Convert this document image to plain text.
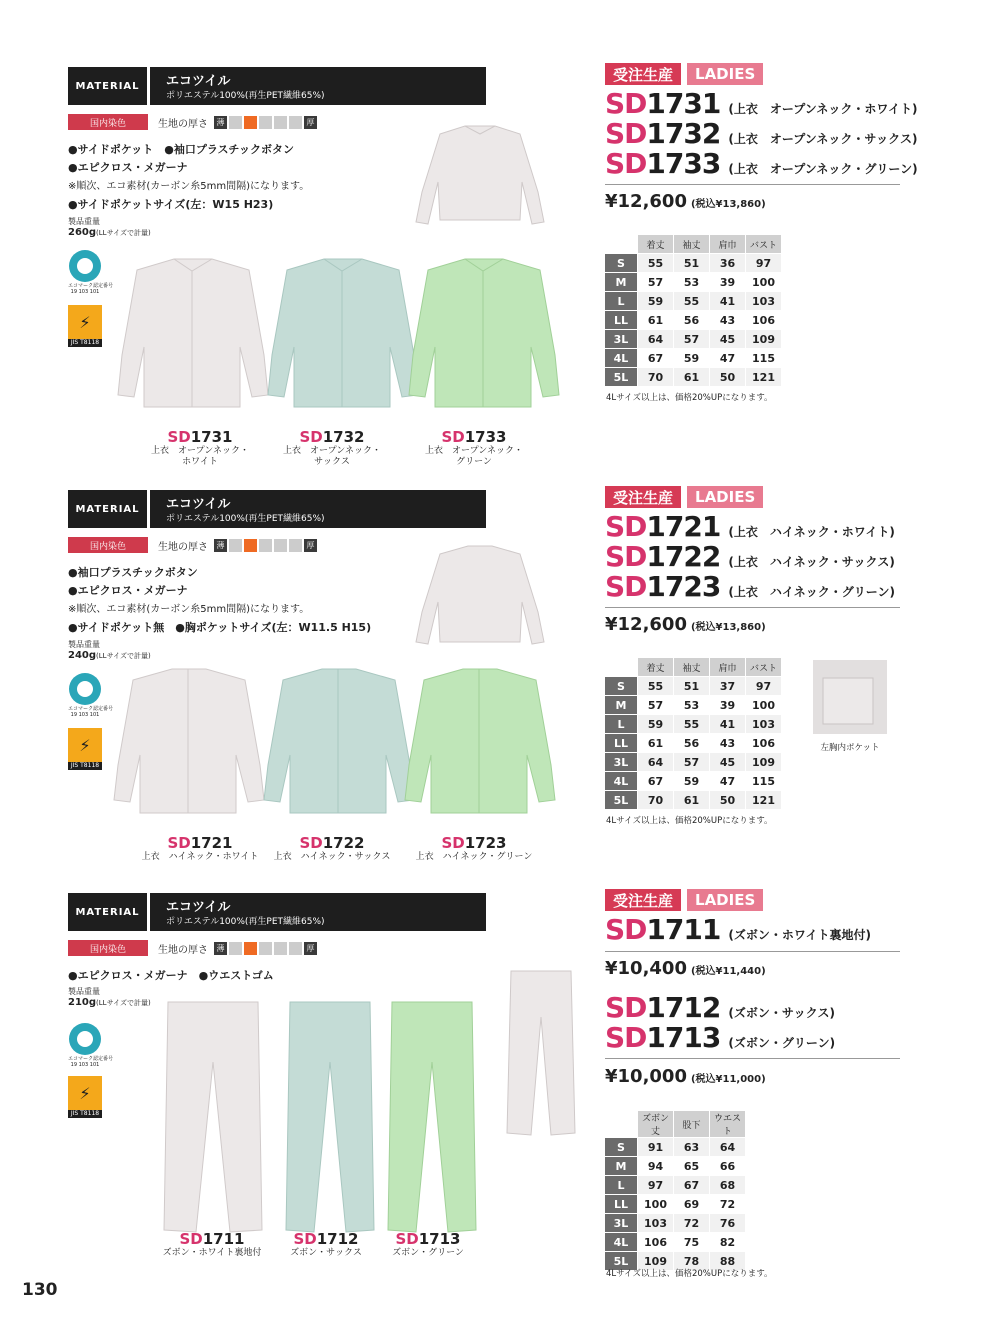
MATERIAL	エコツイル
ポリエステル100%(再生PET繊維65%)
国内染色	生地の厚さ	薄	厚
●サイドポケット　●袖口プラスチックボタン
●エピクロス・メガーナ
※順次、エコ素材(カーボン糸5mm間隔)になります。
●サイドポケットサイズ(左：W15 H23)
製品重量
260g(LLサイズで計量)
エコマーク認定番号
19 103 101
⚡
JIS T8118
SD1731
上衣　オープンネック・
ホワイト
SD1732
上衣　オープンネック・
サックス
SD1733
上衣　オープンネック・
グリーン
受注生産	LADIES
SD 1731 (上衣　オープンネック・ホワイト)
SD 1732 (上衣　オープンネック・サックス)
SD 1733 (上衣　オープンネック・グリーン)
¥12,600 (税込¥13,860)
	着丈	袖丈	肩巾	バスト
S	55	51	36	97
M	57	53	39	100
L	59	55	41	103
LL	61	56	43	106
3L	64	57	45	109
4L	67	59	47	115
5L	70	61	50	121
4Lサイズ以上は、価格20%UPになります。
MATERIAL	エコツイル
ポリエステル100%(再生PET繊維65%)
国内染色	生地の厚さ	薄	厚
●袖口プラスチックボタン
●エピクロス・メガーナ
※順次、エコ素材(カーボン糸5mm間隔)になります。
●サイドポケット無　●胸ポケットサイズ(左：W11.5 H15)
製品重量
240g(LLサイズで計量)
エコマーク認定番号
19 103 101
⚡
JIS T8118
左胸内ポケット
SD1721
上衣　ハイネック・ホワイト
SD1722
上衣　ハイネック・サックス
SD1723
上衣　ハイネック・グリーン
受注生産	LADIES
SD 1721 (上衣　ハイネック・ホワイト)
SD 1722 (上衣　ハイネック・サックス)
SD 1723 (上衣　ハイネック・グリーン)
¥12,600 (税込¥13,860)
	着丈	袖丈	肩巾	バスト
S	55	51	37	97
M	57	53	39	100
L	59	55	41	103
LL	61	56	43	106
3L	64	57	45	109
4L	67	59	47	115
5L	70	61	50	121
4Lサイズ以上は、価格20%UPになります。
MATERIAL	エコツイル
ポリエステル100%(再生PET繊維65%)
国内染色	生地の厚さ	薄	厚
●エピクロス・メガーナ　●ウエストゴム
製品重量
210g(LLサイズで計量)
エコマーク認定番号
19 103 101
⚡
JIS T8118
SD1711
ズボン・ホワイト裏地付
SD1712
ズボン・サックス
SD1713
ズボン・グリーン
受注生産	LADIES
SD 1711 (ズボン・ホワイト裏地付)
¥10,400 (税込¥11,440)
SD 1712 (ズボン・サックス)
SD 1713 (ズボン・グリーン)
¥10,000 (税込¥11,000)
	ズボン丈	股下	ウエスト
S	91	63	64
M	94	65	66
L	97	67	68
LL	100	69	72
3L	103	72	76
4L	106	75	82
5L	109	78	88
4Lサイズ以上は、価格20%UPになります。
130
